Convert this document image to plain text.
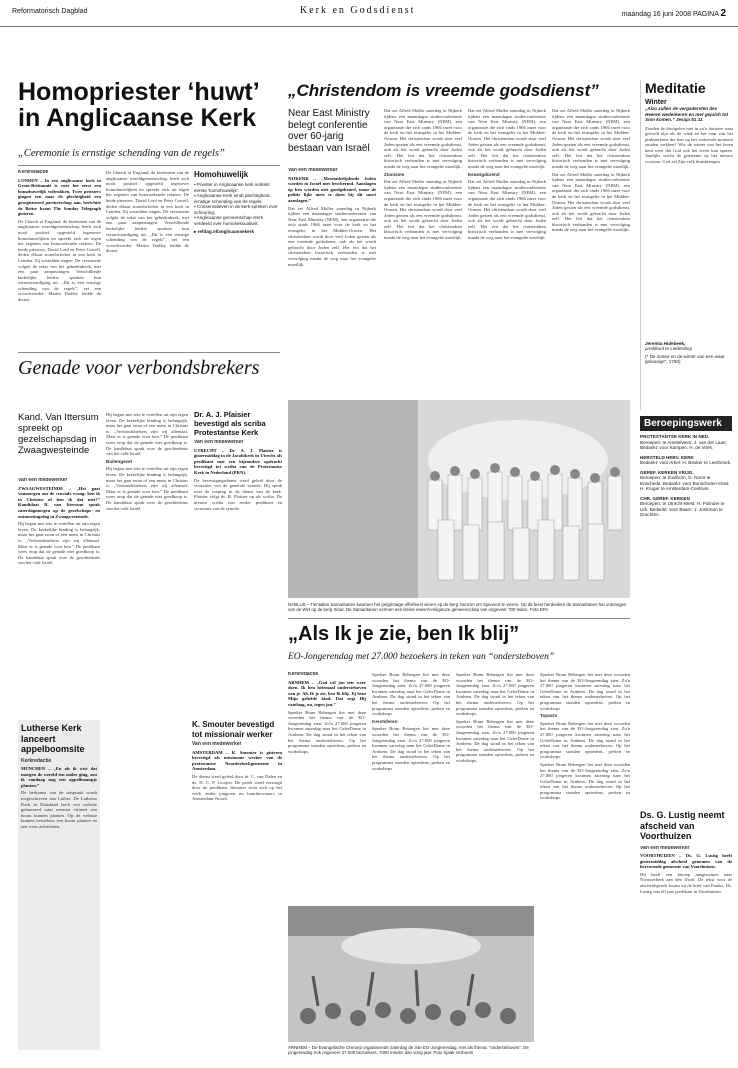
Reformatorisch Dagblad	Kerk en Godsdienst	maandag 16 juni 2008 PAGINA 2
Homopriester ‘huwt’ in Anglicaanse Kerk
„Ceremonie is ernstige schending van de regels”

Kerkredactie

LONDEN – In een anglicaanse kerk in Groot-Brittannië is voor het eerst een homohuwelijk voltrokken. Twee priesters gingen een naar de plechtigheid een geregistreerd partnerschap aan, berichtte de Britse krant The Sunday Telegraph gisteren.

De Church of England, de hoeksteen van de anglicaanse wereldgemeenschap, heeft zich nooit positief opgesteld tegenover homohuwelijken en spreekt zich uit tegen het zegenen van homoseksuele relaties. De beide priesters, David Lord en Peter Cowell, deden elkaar trouwbeloften in een kerk in Londen. Zij wisselden ringen. De ceremonie volgde de tekst van het gebedenboek, met een paar aanpassingen. Verschillende kerkelijke leiders spraken hun verontwaardiging uit. „Dit is een ernstige schending van de regels”, zei een woordvoerder. Martin Dudley leidde de dienst.

De Church of England, de hoeksteen van de anglicaanse wereldgemeenschap, heeft zich nooit positief opgesteld tegenover homohuwelijken en spreekt zich uit tegen het zegenen van homoseksuele relaties. De beide priesters, David Lord en Peter Cowell, deden elkaar trouwbeloften in een kerk in Londen. Zij wisselden ringen. De ceremonie volgde de tekst van het gebedenboek, met een paar aanpassingen. Verschillende kerkelijke leiders spraken hun verontwaardiging uit. „Dit is een ernstige schending van de regels”, zei een woordvoerder. Martin Dudley leidde de dienst.

Homohuwelijk
▪ Priester in Anglicaanse kerk voltrekt eerste 'homohuwelijk'.
▪ Anglicaanse Kerk eindt plechtigheid, ernstige schending van de regels.
▪ Conservatieven in de kerk spreken over scheuring.
▪ Anglicaanse gemeenschap sterk verdeeld over homoseksualiteit.
▸ refdag.nl/anglicaansekerk
„Christendom is vreemde godsdienst”
Near East Ministry belegt conferentie over 60-jarig bestaan van Israël

Van een medewerker

NIJKERK – „Messiasbelijdende Joden worden in Israël niet beschermd. Aanslagen op hen worden niet goedgekeurd, maar de politie lijkt niets te doen bij dit soort aanslagen.”

Dat zei Alfred Muller zaterdag in Nijkerk tijdens een maandagse studieconferentie van Near East Ministry (NEM), een organisatie die zich sinds 1966 inzet voor de kerk en het evangelie in het Midden-Oosten. Het christendom wordt door veel Joden gezien als een vreemde godsdienst, ook als het wordt gebracht door Joden zelf. Het feit dat het christendom historisch verbonden is met vervolging maakt de weg naar het evangelie moeilijk.

Dat zei Alfred Muller zaterdag in Nijkerk tijdens een maandagse studieconferentie van Near East Ministry (NEM), een organisatie die zich sinds 1966 inzet voor de kerk en het evangelie in het Midden-Oosten. Het christendom wordt door veel Joden gezien als een vreemde godsdienst, ook als het wordt gebracht door Joden zelf. Het feit dat het christendom historisch verbonden is met vervolging maakt de weg naar het evangelie moeilijk.

Zionisme

Dat zei Alfred Muller zaterdag in Nijkerk tijdens een maandagse studieconferentie van Near East Ministry (NEM), een organisatie die zich sinds 1966 inzet voor de kerk en het evangelie in het Midden-Oosten. Het christendom wordt door veel Joden gezien als een vreemde godsdienst, ook als het wordt gebracht door Joden zelf. Het feit dat het christendom historisch verbonden is met vervolging maakt de weg naar het evangelie moeilijk.

Dat zei Alfred Muller zaterdag in Nijkerk tijdens een maandagse studieconferentie van Near East Ministry (NEM), een organisatie die zich sinds 1966 inzet voor de kerk en het evangelie in het Midden-Oosten. Het christendom wordt door veel Joden gezien als een vreemde godsdienst, ook als het wordt gebracht door Joden zelf. Het feit dat het christendom historisch verbonden is met vervolging maakt de weg naar het evangelie moeilijk.

Eeuwigdurend

Dat zei Alfred Muller zaterdag in Nijkerk tijdens een maandagse studieconferentie van Near East Ministry (NEM), een organisatie die zich sinds 1966 inzet voor de kerk en het evangelie in het Midden-Oosten. Het christendom wordt door veel Joden gezien als een vreemde godsdienst, ook als het wordt gebracht door Joden zelf. Het feit dat het christendom historisch verbonden is met vervolging maakt de weg naar het evangelie moeilijk.

Dat zei Alfred Muller zaterdag in Nijkerk tijdens een maandagse studieconferentie van Near East Ministry (NEM), een organisatie die zich sinds 1966 inzet voor de kerk en het evangelie in het Midden-Oosten. Het christendom wordt door veel Joden gezien als een vreemde godsdienst, ook als het wordt gebracht door Joden zelf. Het feit dat het christendom historisch verbonden is met vervolging maakt de weg naar het evangelie moeilijk.

Dat zei Alfred Muller zaterdag in Nijkerk tijdens een maandagse studieconferentie van Near East Ministry (NEM), een organisatie die zich sinds 1966 inzet voor de kerk en het evangelie in het Midden-Oosten. Het christendom wordt door veel Joden gezien als een vreemde godsdienst, ook als het wordt gebracht door Joden zelf. Het feit dat het christendom historisch verbonden is met vervolging maakt de weg naar het evangelie moeilijk.

NABLUS – Tientallen Samaritanen kwamen het pelgrimage-offerfeest vieren op de berg Gerizim om Sjavoeot te vieren. Op dit feest herdenken de Samaritanen het ontvangen van de Wet op de berg Sinaï. De Samaritanen vormen een kleine etnisch-religieuze gemeenschap van ongeveer 700 leden. Foto EPA
Meditatie
Winter
„Alzo zullen de vergadersten des Heeren wederkeren en met gejuich tot Sion komen.” Jesaja 51:11
Zouden de discipelen niet in zo'n duistere staat geloofd zijn als de wind en het vuur van het pinksterfeest die hen op het verkeerde moment zouden wekken? Wie de winter van het leven kent weet dat God ook het leven kan sparen. Jaarlijks wacht de gemeente op het nieuwe voorjaar. God zal Zijn volk thuisbrengen.
Jeremia Hidebeek,
predikant te Leiderdorp
(* De zomer en de winter van een waar geloovige”, 1750)
Beroepingswerk
PROTESTANTSE KERK IN NED.
Beroepen: te Amstelveen: J. van der Laan; Bedankt: voor Kampen: H. de Vries.
HERSTELD HERV. KERK
Bedankt: voor Arkel: H. Beuker te Leerbroek.
GEREF. KERKEN VRIJG.
Beroepen: te Zuidhorn, D. Noort te Enschede. Bedankt: voor Bunschoten-Oost: H. Kruger te Amsterdam-Centrum.
CHR. GEREF. KERKEN
Beroepen: te Utrecht-West: H. Polinder te Urk. Bedankt: voor Baarn: J. Jonkman te Drachten.
Genade voor verbondsbrekers
Kand. Van Ittersum spreekt op gezelschapsdag in Zwaagwesteinde

Van een medewerker

ZWAAGWESTEINDE – „Het gaat vanmorgen om de cruciale vraag: ben ik in Christus of ben ik dat niet?” Kandidaat R. van Ittersum sprak zaterdagmorgen op de gezelschaps- en ontmoetingsdag in Zwaagwesteinde.

Hij begon met iets te vertellen uit zijn eigen leven. De kerkelijke binding is belangrijk, maar het gaat erom of een mens in Christus is. „Verbondsbrekers zijn wij allemaal. Maar er is genade voor hen.” De predikant wees erop dat de genade niet goedkoop is. De kandidaat sprak over de geschiedenis van het volk Israël.

Hij begon met iets te vertellen uit zijn eigen leven. De kerkelijke binding is belangrijk, maar het gaat erom of een mens in Christus is. „Verbondsbrekers zijn wij allemaal. Maar er is genade voor hen.” De predikant wees erop dat de genade niet goedkoop is. De kandidaat sprak over de geschiedenis van het volk Israël.

Buitengezet

Hij begon met iets te vertellen uit zijn eigen leven. De kerkelijke binding is belangrijk, maar het gaat erom of een mens in Christus is. „Verbondsbrekers zijn wij allemaal. Maar er is genade voor hen.” De predikant wees erop dat de genade niet goedkoop is. De kandidaat sprak over de geschiedenis van het volk Israël.

Dr. A. J. Plaisier bevestigd als scriba Protestantse Kerk

Van een medewerker

UTRECHT – Dr. A. J. Plaisier is gistermiddag in de Jacobikerk in Utrecht als predikant met een bijzondere opdracht bevestigd tot scriba van de Protestantse Kerk in Nederland (PKN).

De bevestigingsdienst werd geleid door de voorzitter van de generale synode. Hij sprak over de roeping in de dienst van de kerk. Plaisier volgt ds. B. Plaisier op als scriba. De nieuwe scriba was eerder predikant en secretaris van de synode.

Lutherse Kerk lanceert appelboomsite

Kerkredactie

MÜNCHEN – „En als ik wist dat morgen de wereld ten onder ging, zou ik vandaag nog een appelboompje planten.”

De herkomst van de uitspraak wordt toegeschreven aan Luther. De Lutherse Kerk in Duitsland heeft een website gelanceerd waar mensen virtueel een boom kunnen planten. Op de website kunnen bezoekers een boom planten en een wens achterlaten.

K. Smouter bevestigd tot missionair werker

Van een medewerker

AMSTERDAM – K. Smouter is gisteren bevestigd als missionair werker van de protestantse Noorderkerkgemeente in Amsterdam.

De dienst werd geleid door dr. C. van Dalen en ds. D. C. P. Looijen. De preek werd verzorgd door de predikant. Smouter richt zich op het werk onder jongeren en buurtbewoners in Amsterdam-Noord.

„Als Ik je zie, ben Ik blij”
EO-Jongerendag met 27.000 bezoekers in teken van “ondersteboven”

Kerkredactie

ARNHEM – „God wil jou iets weer doen. Ik ben helemaal ondersteboven van je. Als Ik je zie, ben Ik blij. Jij bent Mijn geliefde kind. Dat zegt Hij vandaag, nu, tegen jou.”

Spreker Bram Rebergen liet met deze woorden het thema van de EO-Jongerendag zien. Zo'n 27.000 jongeren kwamen zaterdag naar het GelreDome in Arnhem. De dag stond in het teken van het thema ondersteboven. Op het programma stonden optredens, preken en workshops.

Spreker Bram Rebergen liet met deze woorden het thema van de EO-Jongerendag zien. Zo'n 27.000 jongeren kwamen zaterdag naar het GelreDome in Arnhem. De dag stond in het teken van het thema ondersteboven. Op het programma stonden optredens, preken en workshops.

Kerstsferen

Spreker Bram Rebergen liet met deze woorden het thema van de EO-Jongerendag zien. Zo'n 27.000 jongeren kwamen zaterdag naar het GelreDome in Arnhem. De dag stond in het teken van het thema ondersteboven. Op het programma stonden optredens, preken en workshops.

Spreker Bram Rebergen liet met deze woorden het thema van de EO-Jongerendag zien. Zo'n 27.000 jongeren kwamen zaterdag naar het GelreDome in Arnhem. De dag stond in het teken van het thema ondersteboven. Op het programma stonden optredens, preken en workshops.

Spreker Bram Rebergen liet met deze woorden het thema van de EO-Jongerendag zien. Zo'n 27.000 jongeren kwamen zaterdag naar het GelreDome in Arnhem. De dag stond in het teken van het thema ondersteboven. Op het programma stonden optredens, preken en workshops.

Spreker Bram Rebergen liet met deze woorden het thema van de EO-Jongerendag zien. Zo'n 27.000 jongeren kwamen zaterdag naar het GelreDome in Arnhem. De dag stond in het teken van het thema ondersteboven. Op het programma stonden optredens, preken en workshops.

Topacts

Spreker Bram Rebergen liet met deze woorden het thema van de EO-Jongerendag zien. Zo'n 27.000 jongeren kwamen zaterdag naar het GelreDome in Arnhem. De dag stond in het teken van het thema ondersteboven. Op het programma stonden optredens, preken en workshops.

Spreker Bram Rebergen liet met deze woorden het thema van de EO-Jongerendag zien. Zo'n 27.000 jongeren kwamen zaterdag naar het GelreDome in Arnhem. De dag stond in het teken van het thema ondersteboven. Op het programma stonden optredens, preken en workshops.

ARNHEM – De Evangelische Omroep organiseerde zaterdag de 34e EO-Jongerendag, met als thema: “ondersteboven”. De jongerendag trok ongeveer 27.000 bezoekers, 7000 minder dan vorig jaar. Foto Sjaak Verboom
Ds. G. Lustig neemt afscheid van Voorthuizen

Van een medewerker

VOORTHUIZEN – Ds. G. Lustig heeft gistermiddag afscheid genomen van de hervormde gemeente van Voorthuizen.

Hij heeft een beroep aangenomen naar Nieuwerkerk aan den IJssel. De tekst voor de afscheidspreek kwam uit de brief van Paulus. Ds. Lustig was elf jaar predikant in Voorthuizen.
